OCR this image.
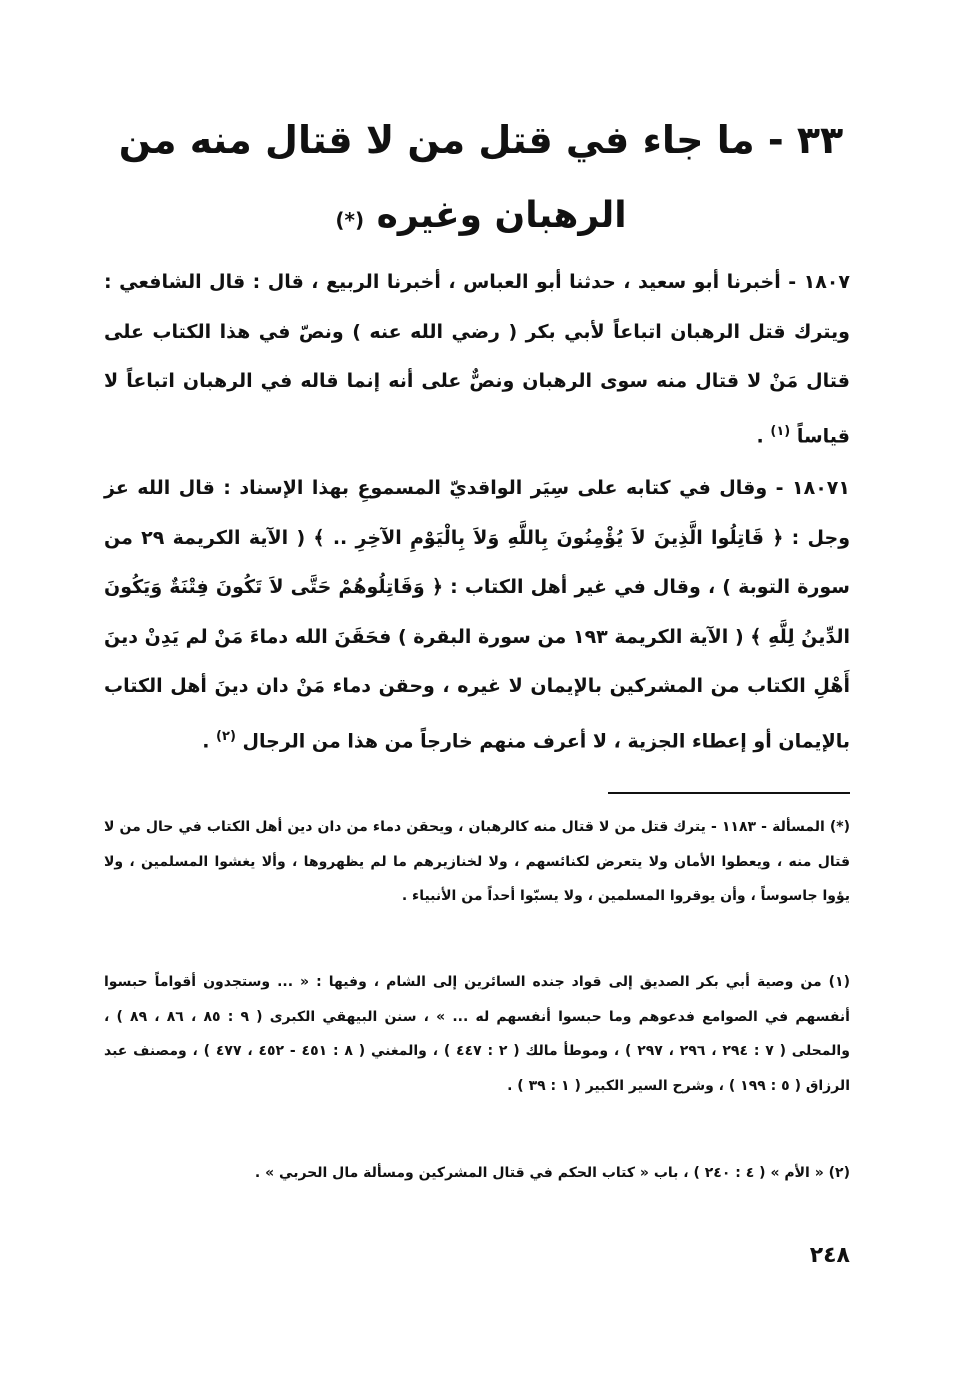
٣٣ - ما جاء في قتل من لا قتال منه من
الرهبان وغيره (*)
١٨٠٧ - أخبرنا أبو سعيد ، حدثنا أبو العباس ، أخبرنا الربيع ، قال : قال الشافعي : ويترك قتل الرهبان اتباعاً لأبي بكر ( رضي الله عنه ) ونصّ في هذا الكتاب على قتال مَنْ لا قتال منه سوى الرهبان ونصٌّ على أنه إنما قاله في الرهبان اتباعاً لا قياساً $^{(١)}$ .
١٨٠٧١ - وقال في كتابه على سِيَر الواقديّ المسموعِ بهذا الإسناد : قال الله عز وجل : ﴿ قَاتِلُوا الَّذِينَ لاَ يُؤْمِنُونَ بِاللَّهِ وَلاَ بِالْيَوْمِ الآخِرِ .. ﴾ ( الآية الكريمة ٢٩ من سورة التوبة ) ، وقال في غير أهل الكتاب : ﴿ وَقَاتِلُوهُمْ حَتَّى لاَ تَكُونَ فِتْنَةٌ وَيَكُونَ الدِّينُ لِلَّهِ ﴾ ( الآية الكريمة ١٩٣ من سورة البقرة ) فحَقَنَ الله دماءَ مَنْ لم يَدِنْ دينَ أَهْلِ الكتاب من المشركين بالإيمان لا غيره ، وحقن دماء مَنْ دان دينَ أهل الكتاب بالإيمان أو إعطاء الجزية ، لا أعرف منهم خارجاً من هذا من الرجال $^{(٢)}$ .
(*) المسألة - ١١٨٣ - يترك قتل من لا قتال منه كالرهبان ، ويحقن دماء من دان دين أهل الكتاب في حال من لا قتال منه ، ويعطوا الأمان ولا يتعرض لكنائسهم ، ولا لخنازيرهم ما لم يظهروها ، وألا يغشوا المسلمين ، ولا يؤوا جاسوساً ، وأن يوقروا المسلمين ، ولا يسبّوا أحداً من الأنبياء .
(١) من وصية أبي بكر الصديق إلى قواد جنده السائرين إلى الشام ، وفيها : « ... وستجدون أقواماً حبسوا أنفسهم في الصوامع فدعوهم وما حبسوا أنفسهم له ... » ، سنن البيهقي الكبرى ( ٩ : ٨٥ ، ٨٦ ، ٨٩ ) ، والمحلى ( ٧ : ٢٩٤ ، ٢٩٦ ، ٢٩٧ ) ، وموطأ مالك ( ٢ : ٤٤٧ ) ، والمغني ( ٨ : ٤٥١ - ٤٥٢ ، ٤٧٧ ) ، ومصنف عبد الرزاق ( ٥ : ١٩٩ ) ، وشرح السير الكبير ( ١ : ٣٩ ) .
(٢) « الأم » ( ٤ : ٢٤٠ ) ، باب « كتاب الحكم في قتال المشركين ومسألة مال الحربي » .
٢٤٨
